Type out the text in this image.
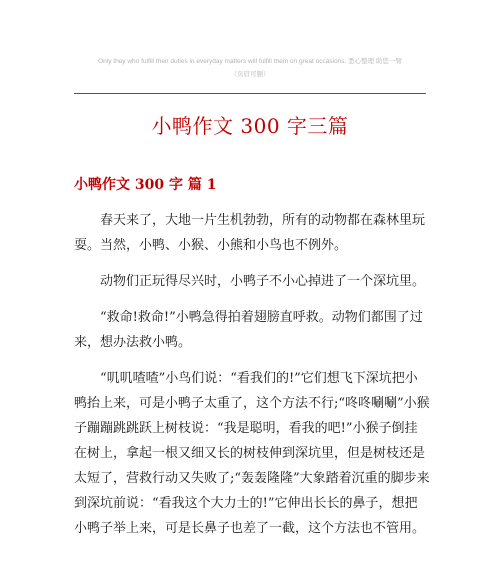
Only they who fulfill their duties in everyday matters will fulfill them on great occasions. 悉心整理 助您一臂
（页眉可删）
小鸭作文 300 字三篇
小鸭作文 300 字 篇 1

春天来了，大地一片生机勃勃，所有的动物都在森林里玩耍。当然，小鸭、小猴、小熊和小鸟也不例外。

动物们正玩得尽兴时，小鸭子不小心掉进了一个深坑里。

“救命!救命!”小鸭急得拍着翅膀直呼救。动物们都围了过来，想办法救小鸭。

“叽叽喳喳”小鸟们说：“看我们的!”它们想飞下深坑把小鸭抬上来，可是小鸭子太重了，这个方法不行;“咚咚唰唰”小猴子蹦蹦跳跳跃上树枝说：“我是聪明，看我的吧!”小猴子倒挂在树上，拿起一根又细又长的树枝伸到深坑里，但是树枝还是太短了，营救行动又失败了;“轰轰隆隆”大象踏着沉重的脚步来到深坑前说：“看我这个大力士的!”它伸出长长的鼻子，想把小鸭子举上来，可是长鼻子也差了一截，这个方法也不管用。
